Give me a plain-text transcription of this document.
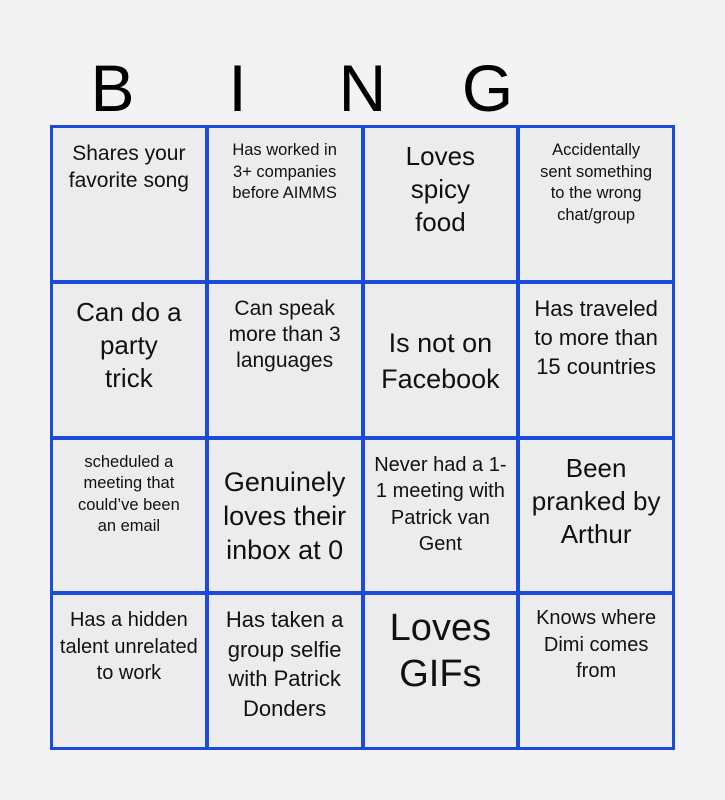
B	I	N	G
Shares your favorite song
Has worked in 3+ companies before AIMMS
Loves spicy food
Accidentally sent something to the wrong chat/group
Can do a party trick
Can speak more than 3 languages
Is not on Facebook
Has traveled to more than 15 countries
scheduled a meeting that could’ve been an email
Genuinely loves their inbox at 0
Never had a 1-1 meeting with Patrick van Gent
Been pranked by Arthur
Has a hidden talent unrelated to work
Has taken a group selfie with Patrick Donders
Loves GIFs
Knows where Dimi comes from
